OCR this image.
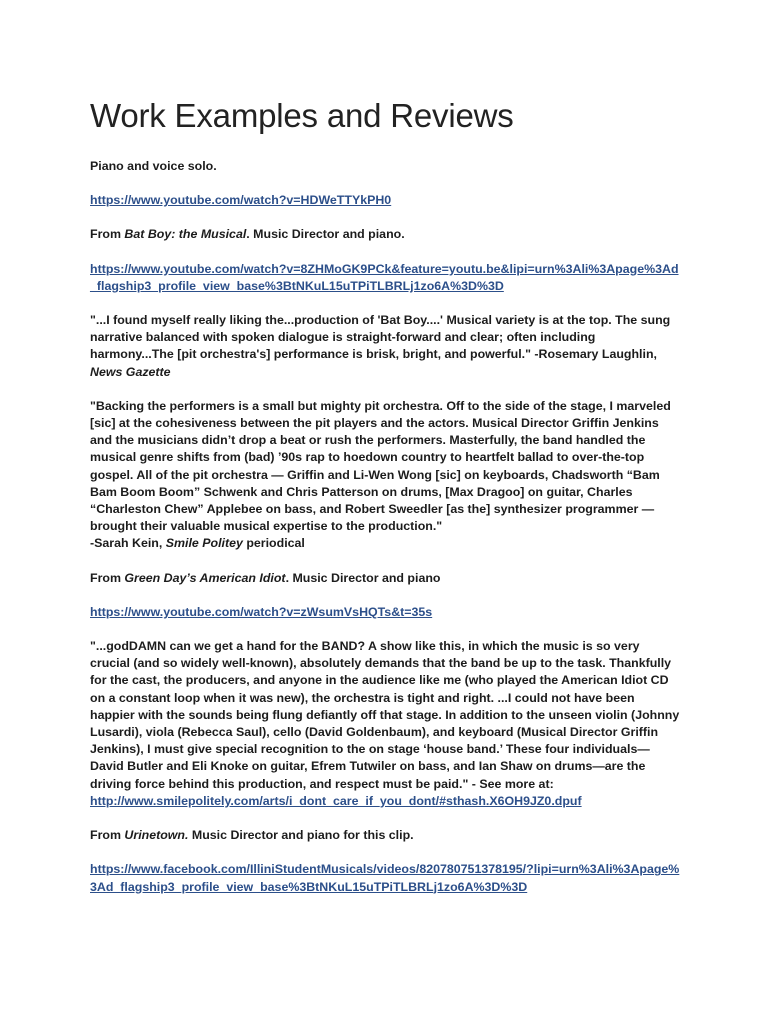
Work Examples and Reviews

Piano and voice solo.

https://www.youtube.com/watch?v=HDWeTTYkPH0

From Bat Boy: the Musical. Music Director and piano.

https://www.youtube.com/watch?v=8ZHMoGK9PCk&feature=youtu.be&lipi=urn%3Ali%3Apage%3Ad_flagship3_profile_view_base%3BtNKuL15uTPiTLBRLj1zo6A%3D%3D

"...I found myself really liking the...production of 'Bat Boy....' Musical variety is at the top. The sung narrative balanced with spoken dialogue is straight-forward and clear; often including harmony...The [pit orchestra's] performance is brisk, bright, and powerful." -Rosemary Laughlin, News Gazette

"Backing the performers is a small but mighty pit orchestra. Off to the side of the stage, I marveled [sic] at the cohesiveness between the pit players and the actors. Musical Director Griffin Jenkins and the musicians didn’t drop a beat or rush the performers. Masterfully, the band handled the musical genre shifts from (bad) ’90s rap to hoedown country to heartfelt ballad to over-the-top gospel. All of the pit orchestra — Griffin and Li-Wen Wong [sic] on keyboards, Chadsworth “Bam Bam Boom Boom” Schwenk and Chris Patterson on drums, [Max Dragoo] on guitar, Charles “Charleston Chew” Applebee on bass, and Robert Sweedler [as the] synthesizer programmer — brought their valuable musical expertise to the production."

-Sarah Kein, Smile Politey periodical

From Green Day’s American Idiot. Music Director and piano

https://www.youtube.com/watch?v=zWsumVsHQTs&t=35s

"...godDAMN can we get a hand for the BAND? A show like this, in which the music is so very crucial (and so widely well-known), absolutely demands that the band be up to the task. Thankfully for the cast, the producers, and anyone in the audience like me (who played the American Idiot CD on a constant loop when it was new), the orchestra is tight and right. ...I could not have been happier with the sounds being flung defiantly off that stage. In addition to the unseen violin (Johnny Lusardi), viola (Rebecca Saul), cello (David Goldenbaum), and keyboard (Musical Director Griffin Jenkins), I must give special recognition to the on stage ‘house band.’ These four individuals—David Butler and Eli Knoke on guitar, Efrem Tutwiler on bass, and Ian Shaw on drums—are the driving force behind this production, and respect must be paid." - See more at:

http://www.smilepolitely.com/arts/i_dont_care_if_you_dont/#sthash.X6OH9JZ0.dpuf

From Urinetown. Music Director and piano for this clip.

https://www.facebook.com/IlliniStudentMusicals/videos/820780751378195/?lipi=urn%3Ali%3Apage%3Ad_flagship3_profile_view_base%3BtNKuL15uTPiTLBRLj1zo6A%3D%3D
